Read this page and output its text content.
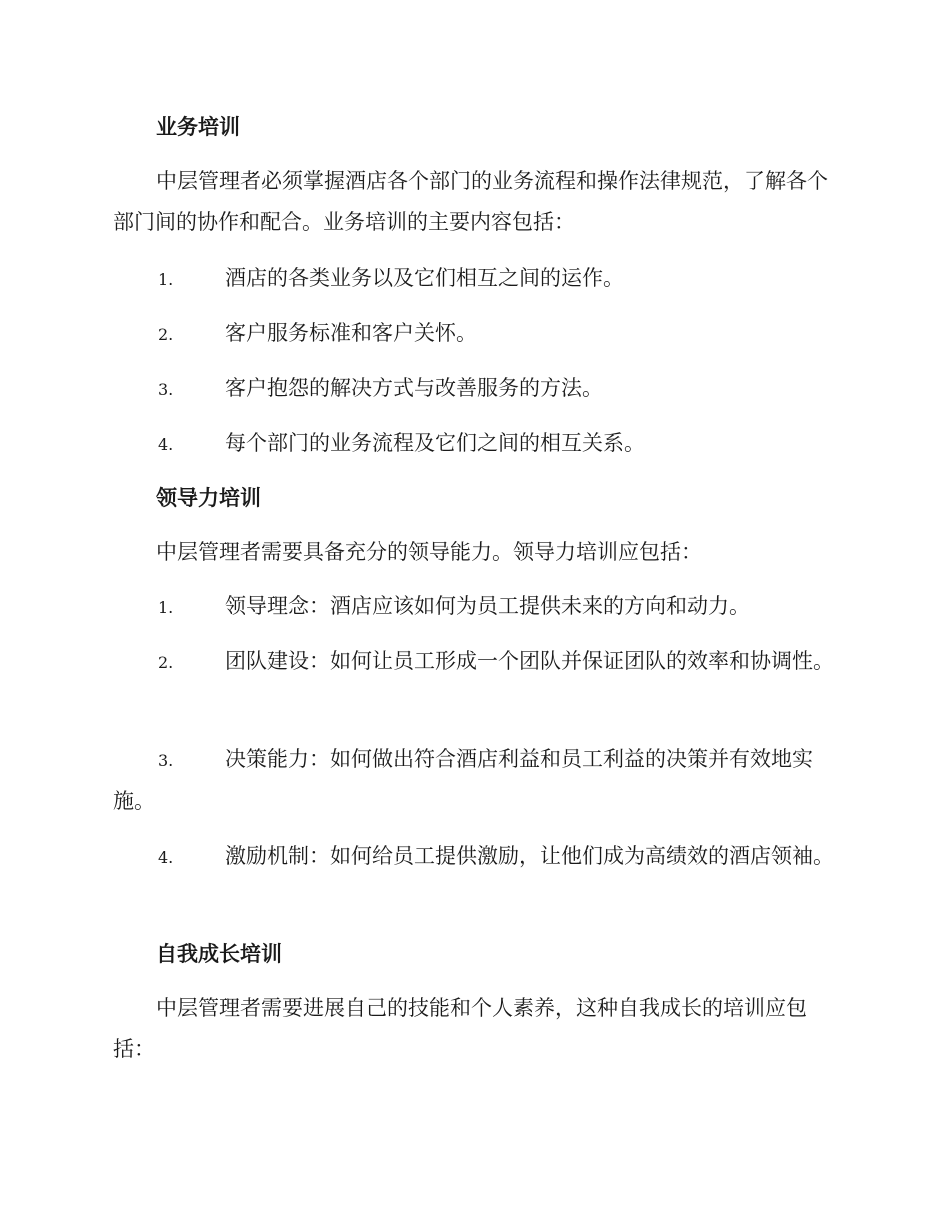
业务培训

中层管理者必须掌握酒店各个部门的业务流程和操作法律规范，了解各个部门间的协作和配合。业务培训的主要内容包括：

1. 酒店的各类业务以及它们相互之间的运作。

2. 客户服务标准和客户关怀。

3. 客户抱怨的解决方式与改善服务的方法。

4. 每个部门的业务流程及它们之间的相互关系。

领导力培训

中层管理者需要具备充分的领导能力。领导力培训应包括：

1. 领导理念：酒店应该如何为员工提供未来的方向和动力。

2. 团队建设：如何让员工形成一个团队并保证团队的效率和协调性。

3. 决策能力：如何做出符合酒店利益和员工利益的决策并有效地实施。

4. 激励机制：如何给员工提供激励，让他们成为高绩效的酒店领袖。

自我成长培训

中层管理者需要进展自己的技能和个人素养，这种自我成长的培训应包括：
